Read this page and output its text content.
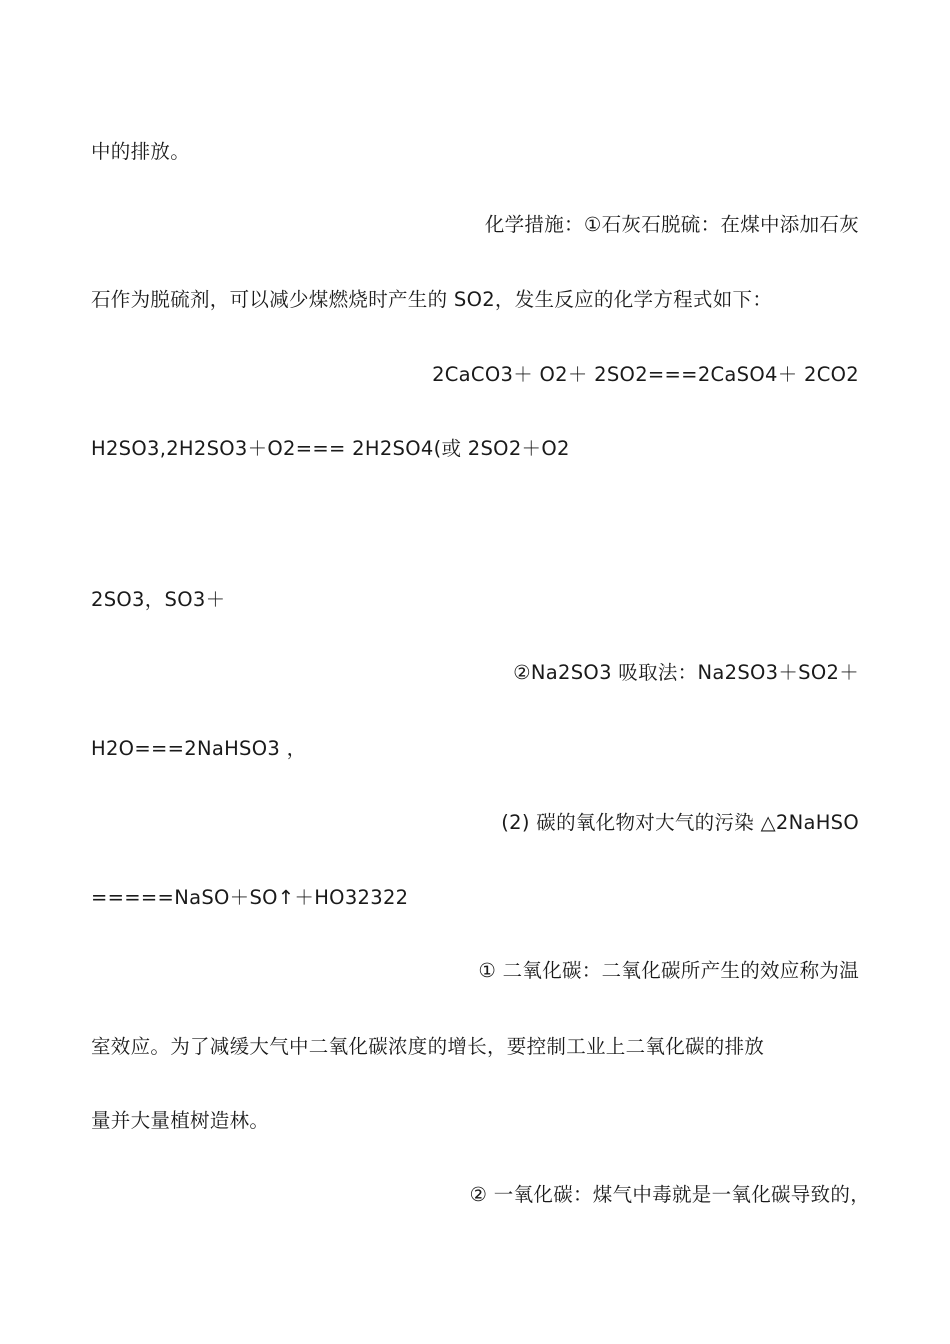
中的排放。
化学措施：①石灰石脱硫：在煤中添加石灰
石作为脱硫剂，可以减少煤燃烧时产生的 SO2，发生反应的化学方程式如下：
2CaCO3＋ O2＋ 2SO2===2CaSO4＋ 2CO2
H2SO3,2H2SO3＋O2=== 2H2SO4(或 2SO2＋O2
2SO3，SO3＋
②Na2SO3 吸取法：Na2SO3＋SO2＋
H2O===2NaHSO3 ，
(2) 碳的氧化物对大气的污染 △2NaHSO
=====NaSO＋SO↑＋HO32322
① 二氧化碳：二氧化碳所产生的效应称为温
室效应。为了减缓大气中二氧化碳浓度的增长，要控制工业上二氧化碳的排放
量并大量植树造林。
② 一氧化碳：煤气中毒就是一氧化碳导致的，
